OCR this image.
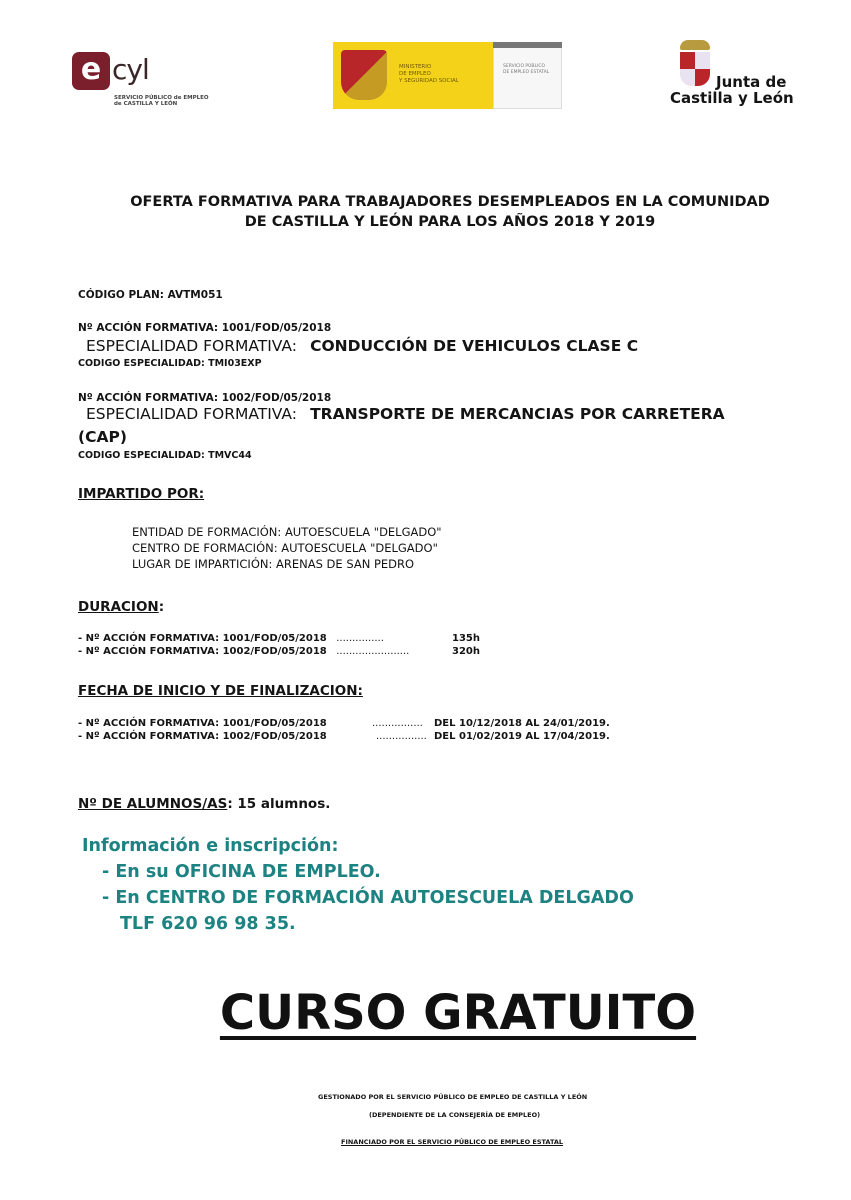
e cyl
SERVICIO PÚBLICO de EMPLEO
de CASTILLA Y LEÓN
MINISTERIO
DE EMPLEO
Y SEGURIDAD SOCIAL
SERVICIO PÚBLICO
DE EMPLEO ESTATAL
Junta de
Castilla y León
OFERTA FORMATIVA PARA TRABAJADORES DESEMPLEADOS EN LA COMUNIDAD
DE CASTILLA Y LEÓN PARA LOS AÑOS 2018 Y 2019
CÓDIGO PLAN: AVTM051
Nº ACCIÓN FORMATIVA: 1001/FOD/05/2018
ESPECIALIDAD FORMATIVA: CONDUCCIÓN DE VEHICULOS CLASE C
CODIGO ESPECIALIDAD: TMI03EXP
Nº ACCIÓN FORMATIVA: 1002/FOD/05/2018
ESPECIALIDAD FORMATIVA: TRANSPORTE DE MERCANCIAS POR CARRETERA
(CAP)
CODIGO ESPECIALIDAD: TMVC44
IMPARTIDO POR:
ENTIDAD DE FORMACIÓN: AUTOESCUELA "DELGADO"
CENTRO DE FORMACIÓN: AUTOESCUELA "DELGADO"
LUGAR DE IMPARTICIÓN: ARENAS DE SAN PEDRO
DURACION:
- Nº ACCIÓN FORMATIVA: 1001/FOD/05/2018 ...............	135h
- Nº ACCIÓN FORMATIVA: 1002/FOD/05/2018 .......................	320h
FECHA DE INICIO Y DE FINALIZACION:
- Nº ACCIÓN FORMATIVA: 1001/FOD/05/2018	................ DEL 10/12/2018 AL 24/01/2019.
- Nº ACCIÓN FORMATIVA: 1002/FOD/05/2018	................ DEL 01/02/2019 AL 17/04/2019.
Nº DE ALUMNOS/AS: 15 alumnos.
Información e inscripción:
- En su OFICINA DE EMPLEO.
- En CENTRO DE FORMACIÓN AUTOESCUELA DELGADO
TLF 620 96 98 35.
CURSO GRATUITO
GESTIONADO POR EL SERVICIO PÚBLICO DE EMPLEO DE CASTILLA Y LEÓN
(DEPENDIENTE DE LA CONSEJERÍA DE EMPLEO)
FINANCIADO POR EL SERVICIO PÚBLICO DE EMPLEO ESTATAL
